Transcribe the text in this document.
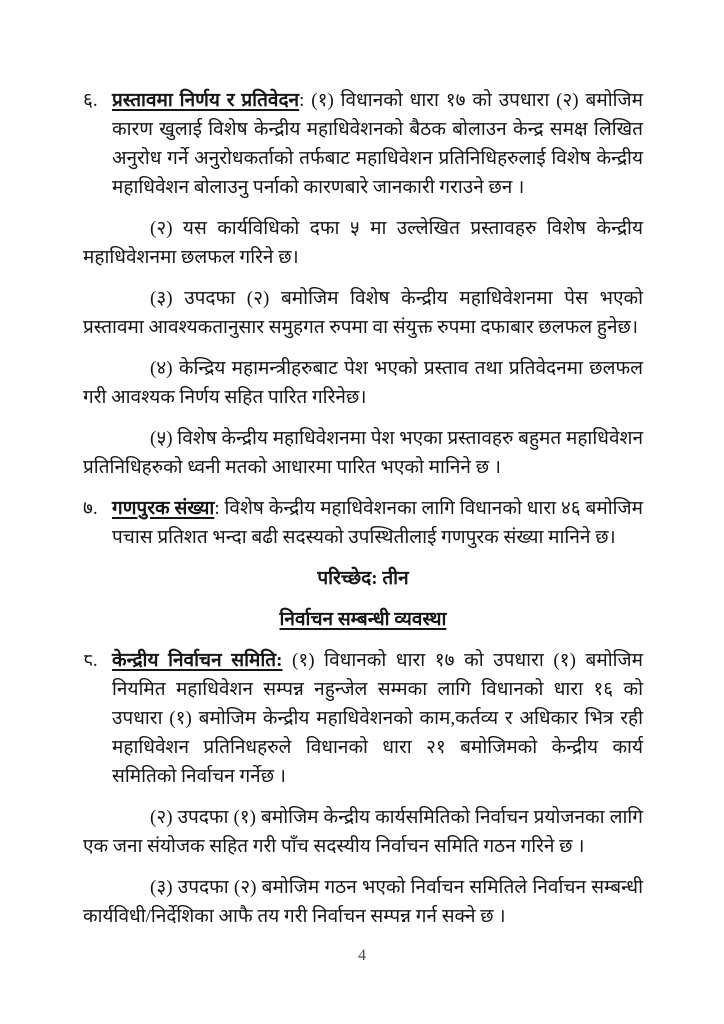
६. प्रस्तावमा निर्णय र प्रतिवेदन: (१) विधानको धारा १७ को उपधारा (२) बमोजिम कारण खुलाई विशेष केन्द्रीय महाधिवेशनको बैठक बोलाउन केन्द्र समक्ष लिखित अनुरोध गर्ने अनुरोधकर्ताको तर्फबाट महाधिवेशन प्रतिनिधिहरुलाई विशेष केन्द्रीय महाधिवेशन बोलाउनु पर्नाको कारणबारे जानकारी गराउने छन ।

(२) यस कार्यविधिको दफा ५ मा उल्लेखित प्रस्तावहरु विशेष केन्द्रीय महाधिवेशनमा छलफल गरिने छ।

(३) उपदफा (२) बमोजिम विशेष केन्द्रीय महाधिवेशनमा पेस भएको प्रस्तावमा आवश्यकतानुसार समुहगत रुपमा वा संयुक्त रुपमा दफाबार छलफल हुनेछ।

(४) केन्द्रिय महामन्त्रीहरुबाट पेश भएको प्रस्ताव तथा प्रतिवेदनमा छलफल गरी आवश्यक निर्णय सहित पारित गरिनेछ।

(५) विशेष केन्द्रीय महाधिवेशनमा पेश भएका प्रस्तावहरु बहुमत महाधिवेशन प्रतिनिधिहरुको ध्वनी मतको आधारमा पारित भएको मानिने छ ।

७. गणपुरक संख्या: विशेष केन्द्रीय महाधिवेशनका लागि विधानको धारा ४६ बमोजिम पचास प्रतिशत भन्दा बढी सदस्यको उपस्थितीलाई गणपुरक संख्या मानिने छ।

परिच्छेद: तीन

निर्वाचन सम्बन्धी व्यवस्था

८. केन्द्रीय निर्वाचन समिति: (१) विधानको धारा १७ को उपधारा (१) बमोजिम नियमित महाधिवेशन सम्पन्न नहुन्जेल सम्मका लागि विधानको धारा १६ को उपधारा (१) बमोजिम केन्द्रीय महाधिवेशनको काम,कर्तव्य र अधिकार भित्र रही महाधिवेशन प्रतिनिधहरुले विधानको धारा २१ बमोजिमको केन्द्रीय कार्य समितिको निर्वाचन गर्नेछ ।

(२) उपदफा (१) बमोजिम केन्द्रीय कार्यसमितिको निर्वाचन प्रयोजनका लागि एक जना संयोजक सहित गरी पाँच सदस्यीय निर्वाचन समिति गठन गरिने छ ।

(३) उपदफा (२) बमोजिम गठन भएको निर्वाचन समितिले निर्वाचन सम्बन्धी कार्यविधी/निर्देशिका आफै तय गरी निर्वाचन सम्पन्न गर्न सक्ने छ ।

4
